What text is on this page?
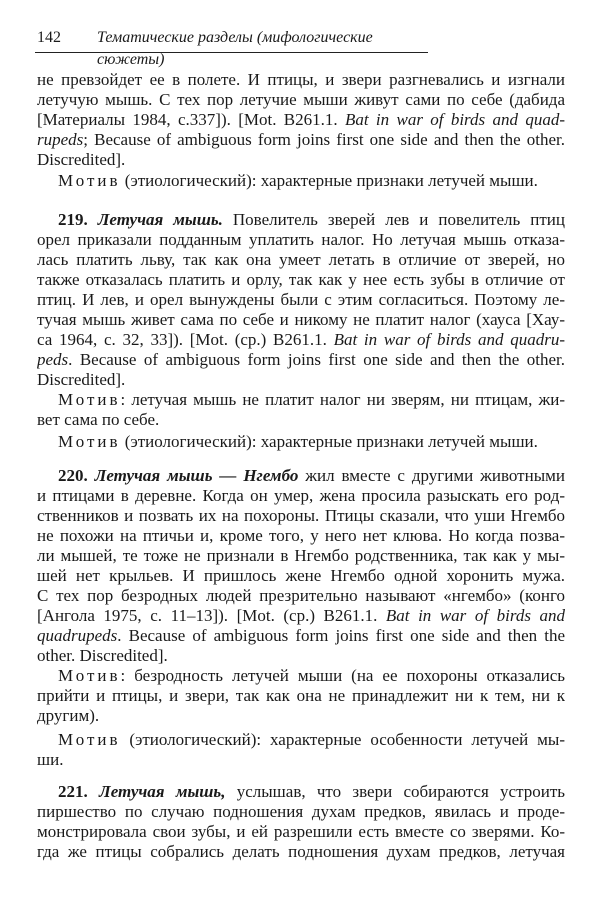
142 Тематические разделы (мифологические сюжеты)
не превзойдет ее в полете. И птицы, и звери разгневались и изгнали
летучую мышь. С тех пор летучие мыши живут сами по себе (дабида
[Материалы 1984, с.337]). [Mot. B261.1. Bat in war of birds and quad-
rupeds; Because of ambiguous form joins first one side and then the other.
Discredited].
Мотив (этиологический): характерные признаки летучей мыши.
219. Летучая мышь. Повелитель зверей лев и повелитель птиц
орел приказали подданным уплатить налог. Но летучая мышь отказа-
лась платить льву, так как она умеет летать в отличие от зверей, но
также отказалась платить и орлу, так как у нее есть зубы в отличие от
птиц. И лев, и орел вынуждены были с этим согласиться. Поэтому ле-
тучая мышь живет сама по себе и никому не платит налог (хауса [Хау-
са 1964, с. 32, 33]). [Mot. (ср.) B261.1. Bat in war of birds and quadru-
peds. Because of ambiguous form joins first one side and then the other.
Discredited].
Мотив: летучая мышь не платит налог ни зверям, ни птицам, жи-
вет сама по себе.
Мотив (этиологический): характерные признаки летучей мыши.
220. Летучая мышь — Нгембо жил вместе с другими животными
и птицами в деревне. Когда он умер, жена просила разыскать его род-
ственников и позвать их на похороны. Птицы сказали, что уши Нгембо
не похожи на птичьи и, кроме того, у него нет клюва. Но когда позва-
ли мышей, те тоже не признали в Нгембо родственника, так как у мы-
шей нет крыльев. И пришлось жене Нгембо одной хоронить мужа.
С тех пор безродных людей презрительно называют «нгембо» (конго
[Ангола 1975, с. 11–13]). [Mot. (ср.) B261.1. Bat in war of birds and
quadrupeds. Because of ambiguous form joins first one side and then the
other. Discredited].
Мотив: безродность летучей мыши (на ее похороны отказались
прийти и птицы, и звери, так как она не принадлежит ни к тем, ни к
другим).
Мотив (этиологический): характерные особенности летучей мы-
ши.
221. Летучая мышь, услышав, что звери собираются устроить
пиршество по случаю подношения духам предков, явилась и проде-
монстрировала свои зубы, и ей разрешили есть вместе со зверями. Ко-
гда же птицы собрались делать подношения духам предков, летучая
